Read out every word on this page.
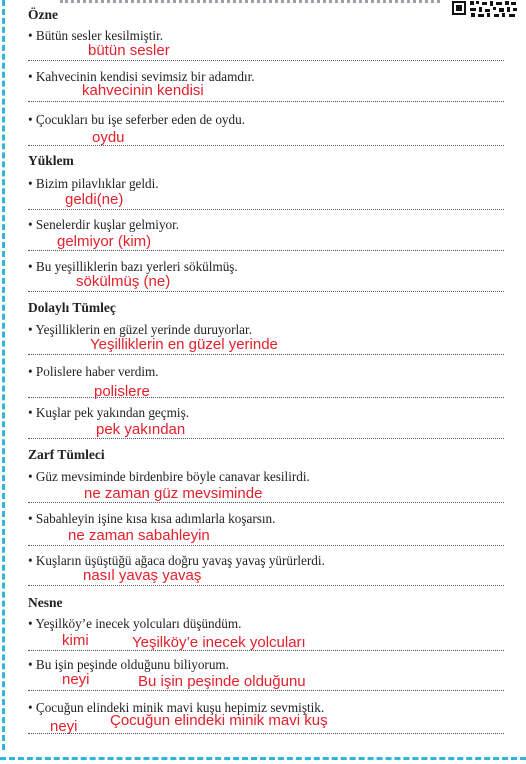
Özne
• Bütün sesler kesilmiştir.
bütün sesler
• Kahvecinin kendisi sevimsiz bir adamdır.
kahvecinin kendisi
• Çocukları bu işe seferber eden de oydu.
oydu
Yüklem
• Bizim pilavlıklar geldi.
geldi(ne)
• Senelerdir kuşlar gelmiyor.
gelmiyor (kim)
• Bu yeşilliklerin bazı yerleri sökülmüş.
sökülmüş (ne)
Dolaylı Tümleç
• Yeşilliklerin en güzel yerinde duruyorlar.
Yeşilliklerin en güzel yerinde
• Polislere haber verdim.
polislere
• Kuşlar pek yakından geçmiş.
pek yakından
Zarf Tümleci
• Güz mevsiminde birdenbire böyle canavar kesilirdi.
ne zaman güz mevsiminde
• Sabahleyin işine kısa kısa adımlarla koşarsın.
ne zaman sabahleyin
• Kuşların üşüştüğü ağaca doğru yavaş yavaş yürürlerdi.
nasıl yavaş yavaş
Nesne
• Yeşilköy’e inecek yolcuları düşündüm.
kimi	Yeşilköy’e inecek yolcuları
• Bu işin peşinde olduğunu biliyorum.
neyi	Bu işin peşinde olduğunu
• Çocuğun elindeki minik mavi kuşu hepimiz sevmiştik.
neyi Çocuğun elindeki minik mavi kuş
